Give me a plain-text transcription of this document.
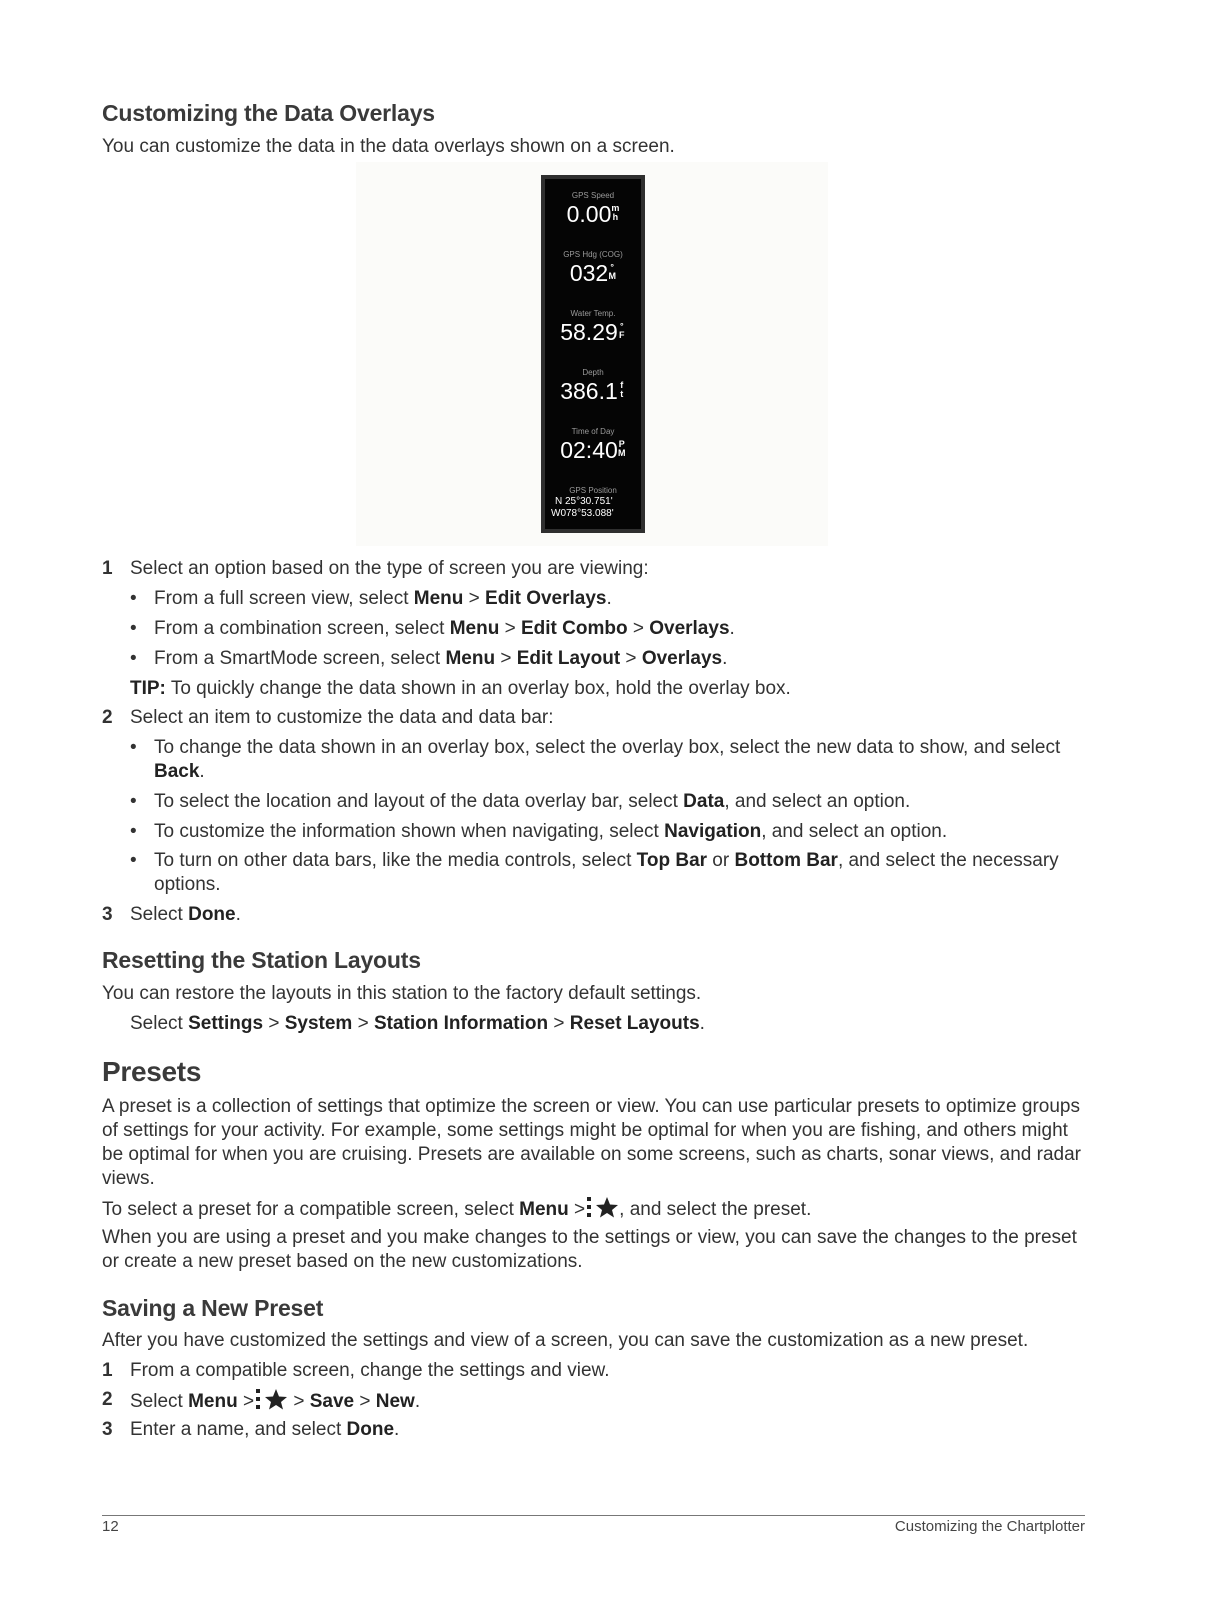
Customizing the Data Overlays
You can customize the data in the data overlays shown on a screen.
GPS Speed
0.00m
h
GPS Hdg (COG)
032 °
M
Water Temp.
58.29 °
F
Depth
386.1 f
t
Time of Day
02:40P
M
GPS Position
N 25°30.751'
W078°53.088'
1 Select an option based on the type of screen you are viewing:
• From a full screen view, select Menu > Edit Overlays.
• From a combination screen, select Menu > Edit Combo > Overlays.
• From a SmartMode screen, select Menu > Edit Layout > Overlays.
TIP: To quickly change the data shown in an overlay box, hold the overlay box.
2 Select an item to customize the data and data bar:
• To change the data shown in an overlay box, select the overlay box, select the new data to show, and select Back.
• To select the location and layout of the data overlay bar, select Data, and select an option.
• To customize the information shown when navigating, select Navigation, and select an option.
• To turn on other data bars, like the media controls, select Top Bar or Bottom Bar, and select the necessary options.
3 Select Done.
Resetting the Station Layouts
You can restore the layouts in this station to the factory default settings.
Select Settings > System > Station Information > Reset Layouts.
Presets
A preset is a collection of settings that optimize the screen or view. You can use particular presets to optimize groups of settings for your activity. For example, some settings might be optimal for when you are fishing, and others might be optimal for when you are cruising. Presets are available on some screens, such as charts, sonar views, and radar views.
To select a preset for a compatible screen, select Menu > , and select the preset.
When you are using a preset and you make changes to the settings or view, you can save the changes to the preset or create a new preset based on the new customizations.
Saving a New Preset
After you have customized the settings and view of a screen, you can save the customization as a new preset.
1 From a compatible screen, change the settings and view.
2 Select Menu > > Save > New.
3 Enter a name, and select Done.
12	Customizing the Chartplotter
